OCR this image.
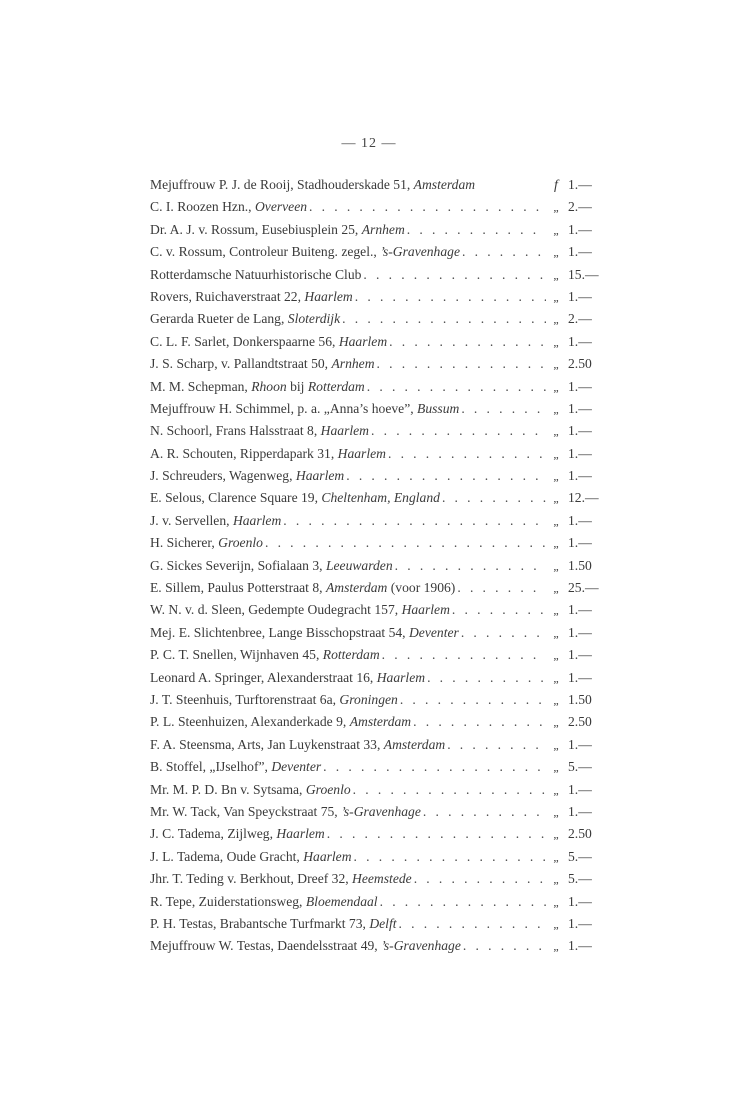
— 12 —
Mejuffrouw P. J. de Rooij, Stadhouderskade 51, Amsterdam	f 1.—
C. I. Roozen Hzn., Overveen . . .	„ 2.—
Dr. A. J. v. Rossum, Eusebiusplein 25, Arnhem . . .	„ 1.—
C. v. Rossum, Controleur Buiteng. zegel., ’s-Gravenhage . . .	„ 1.—
Rotterdamsche Natuurhistorische Club . . .	„ 15.—
Rovers, Ruichaverstraat 22, Haarlem . . .	„ 1.—
Gerarda Rueter de Lang, Sloterdijk . . .	„ 2.—
C. L. F. Sarlet, Donkerspaarne 56, Haarlem . . .	„ 1.—
J. S. Scharp, v. Pallandtstraat 50, Arnhem . . .	„ 2.50
M. M. Schepman, Rhoon bij Rotterdam . . .	„ 1.—
Mejuffrouw H. Schimmel, p. a. „Anna’s hoeve”, Bussum . . .	„ 1.—
N. Schoorl, Frans Halsstraat 8, Haarlem . . .	„ 1.—
A. R. Schouten, Ripperdapark 31, Haarlem . . .	„ 1.—
J. Schreuders, Wagenweg, Haarlem . . .	„ 1.—
E. Selous, Clarence Square 19, Cheltenham, England . . .	„ 12.—
J. v. Servellen, Haarlem . . .	„ 1.—
H. Sicherer, Groenlo . . .	„ 1.—
G. Sickes Severijn, Sofialaan 3, Leeuwarden . . .	„ 1.50
E. Sillem, Paulus Potterstraat 8, Amsterdam (voor 1906) . . .	„ 25.—
W. N. v. d. Sleen, Gedempte Oudegracht 157, Haarlem . . .	„ 1.—
Mej. E. Slichtenbree, Lange Bisschopstraat 54, Deventer . . .	„ 1.—
P. C. T. Snellen, Wijnhaven 45, Rotterdam . . .	„ 1.—
Leonard A. Springer, Alexanderstraat 16, Haarlem . . .	„ 1.—
J. T. Steenhuis, Turftorenstraat 6a, Groningen . . .	„ 1.50
P. L. Steenhuizen, Alexanderkade 9, Amsterdam . . .	„ 2.50
F. A. Steensma, Arts, Jan Luykenstraat 33, Amsterdam . . .	„ 1.—
B. Stoffel, „IJselhof”, Deventer . . .	„ 5.—
Mr. M. P. D. Bn v. Sytsama, Groenlo . . .	„ 1.—
Mr. W. Tack, Van Speyckstraat 75, ’s-Gravenhage . . .	„ 1.—
J. C. Tadema, Zijlweg, Haarlem . . .	„ 2.50
J. L. Tadema, Oude Gracht, Haarlem . . .	„ 5.—
Jhr. T. Teding v. Berkhout, Dreef 32, Heemstede . . .	„ 5.—
R. Tepe, Zuiderstationsweg, Bloemendaal . . .	„ 1.—
P. H. Testas, Brabantsche Turfmarkt 73, Delft . . .	„ 1.—
Mejuffrouw W. Testas, Daendelsstraat 49, ’s-Gravenhage . . .	„ 1.—
